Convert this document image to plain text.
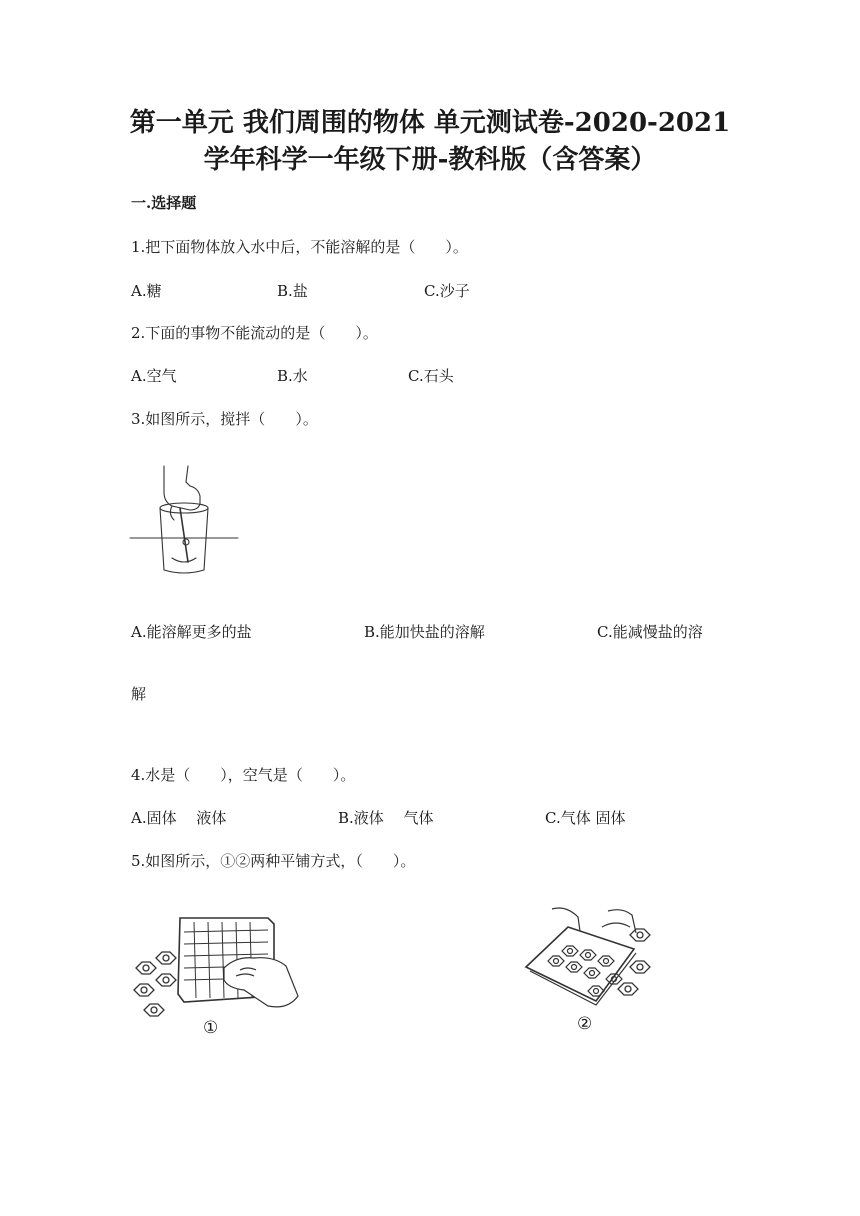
第一单元 我们周围的物体 单元测试卷-2020-2021
学年科学一年级下册-教科版（含答案）
一.选择题
1.把下面物体放入水中后，不能溶解的是（　　）。
A.糖	B.盐	C.沙子
2.下面的事物不能流动的是（　　）。
A.空气	B.水	C.石头
3.如图所示，搅拌（　　）。
A.能溶解更多的盐	B.能加快盐的溶解	C.能减慢盐的溶
解
4.水是（　　），空气是（　　）。
A.固体　 液体	B.液体　 气体	C.气体 固体
5.如图所示，①②两种平铺方式，（　　）。
①	②
